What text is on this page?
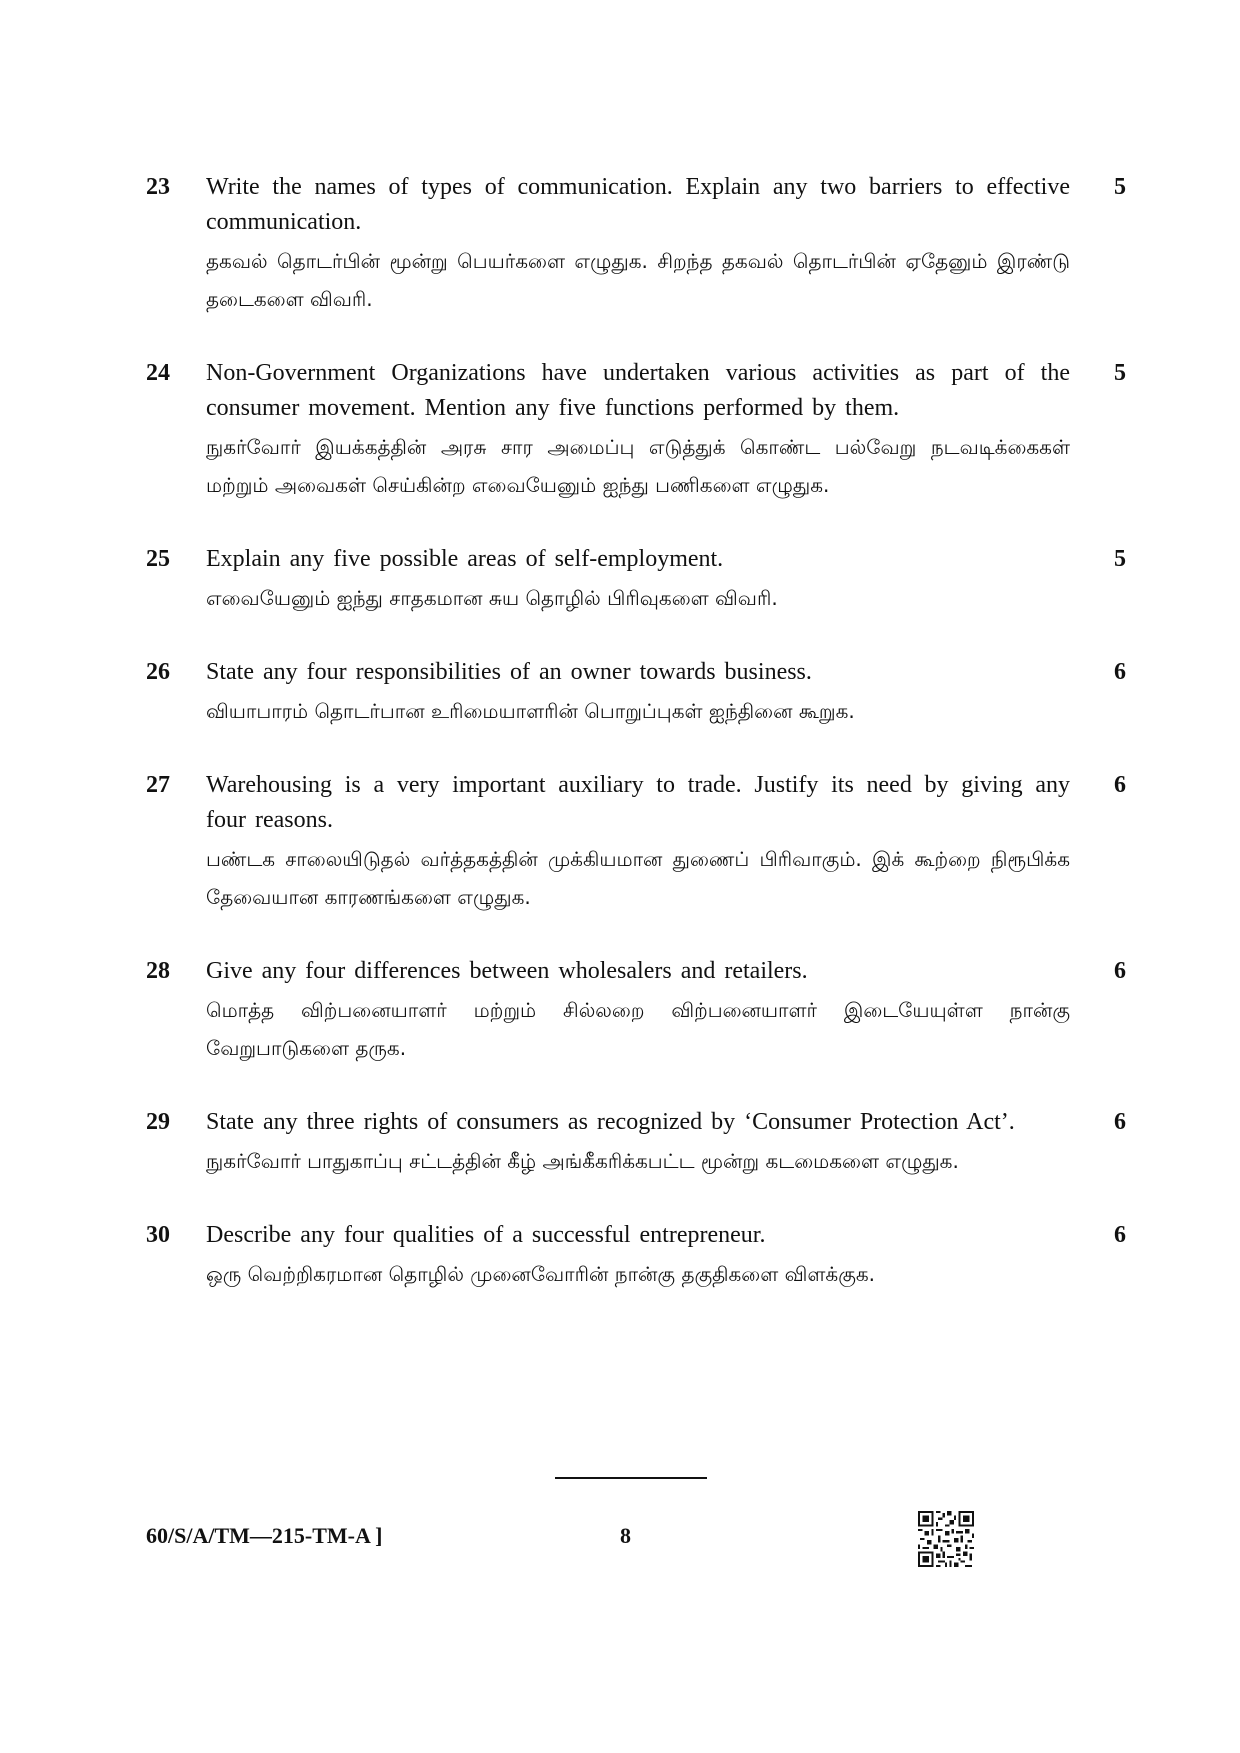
23	Write the names of types of communication. Explain any two barriers to effective communication.
தகவல் தொடர்பின் மூன்று பெயர்களை எழுதுக. சிறந்த தகவல் தொடர்பின் ஏதேனும் இரண்டு தடைகளை விவரி.
5
24	Non-Government Organizations have undertaken various activities as part of the consumer movement. Mention any five functions performed by them.
நுகர்வோர் இயக்கத்தின் அரசு சார அமைப்பு எடுத்துக் கொண்ட பல்வேறு நடவடிக்கைகள் மற்றும் அவைகள் செய்கின்ற எவையேனும் ஐந்து பணிகளை எழுதுக.
5
25	Explain any five possible areas of self-employment.
எவையேனும் ஐந்து சாதகமான சுய தொழில் பிரிவுகளை விவரி.
5
26	State any four responsibilities of an owner towards business.
வியாபாரம் தொடர்பான உரிமையாளரின் பொறுப்புகள் ஐந்தினை கூறுக.
6
27	Warehousing is a very important auxiliary to trade. Justify its need by giving any four reasons.
பண்டக சாலையிடுதல் வர்த்தகத்தின் முக்கியமான துணைப் பிரிவாகும். இக் கூற்றை நிரூபிக்க தேவையான காரணங்களை எழுதுக.
6
28	Give any four differences between wholesalers and retailers.
மொத்த விற்பனையாளர் மற்றும் சில்லறை விற்பனையாளர் இடையேயுள்ள நான்கு வேறுபாடுகளை தருக.
6
29	State any three rights of consumers as recognized by ‘Consumer Protection Act’.
நுகர்வோர் பாதுகாப்பு சட்டத்தின் கீழ் அங்கீகரிக்கபட்ட மூன்று கடமைகளை எழுதுக.
6
30	Describe any four qualities of a successful entrepreneur.
ஒரு வெற்றிகரமான தொழில் முனைவோரின் நான்கு தகுதிகளை விளக்குக.
6
60/S/A/TM—215-TM-A ]	8
